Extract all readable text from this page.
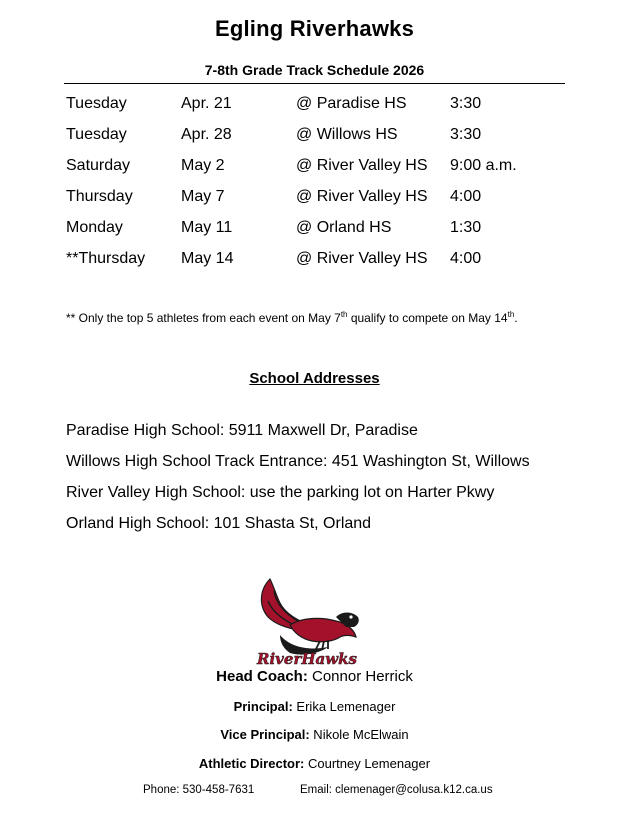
Egling Riverhawks
7-8th Grade Track Schedule 2026
Tuesday	Apr. 21	@ Paradise HS	3:30
Tuesday	Apr. 28	@ Willows HS	3:30
Saturday	May 2	@ River Valley HS 9:00 a.m.
Thursday	May 7	@ River Valley HS 4:00
Monday	May 11	@ Orland HS	1:30
**Thursday May 14	@ River Valley HS 4:00
** Only the top 5 athletes from each event on May 7th qualify to compete on May 14th.
School Addresses
Paradise High School: 5911 Maxwell Dr, Paradise
Willows High School Track Entrance: 451 Washington St, Willows
River Valley High School: use the parking lot on Harter Pkwy
Orland High School: 101 Shasta St, Orland
RiverHawks
Head Coach: Connor Herrick
Principal: Erika Lemenager
Vice Principal: Nikole McElwain
Athletic Director: Courtney Lemenager
Phone: 530-458-7631	Email: clemenager@colusa.k12.ca.us
